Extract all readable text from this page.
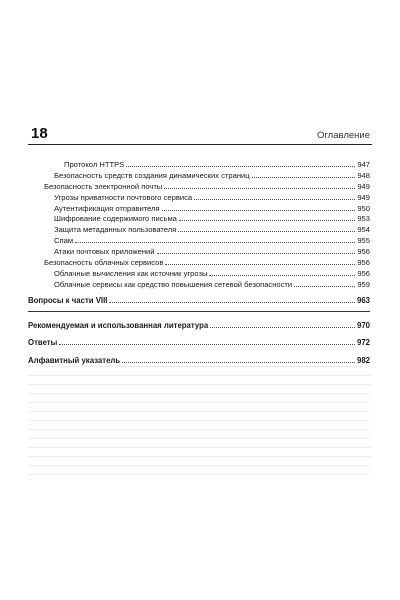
18	Оглавление
Протокол HTTPS	947
Безопасность средств создания динамических страниц	948
Безопасность электронной почты	949
Угрозы приватности почтового сервиса	949
Аутентификация отправителя	950
Шифрование содержимого письма	953
Защита метаданных пользователя	954
Спам	955
Атаки почтовых приложений	956
Безопасность облачных сервисов	956
Облачные вычисления как источник угрозы	956
Облачные сервисы как средство повышения сетевой безопасности	959
Вопросы к части VIII	963
Рекомендуемая и использованная литература	970
Ответы	972
Алфавитный указатель	982
